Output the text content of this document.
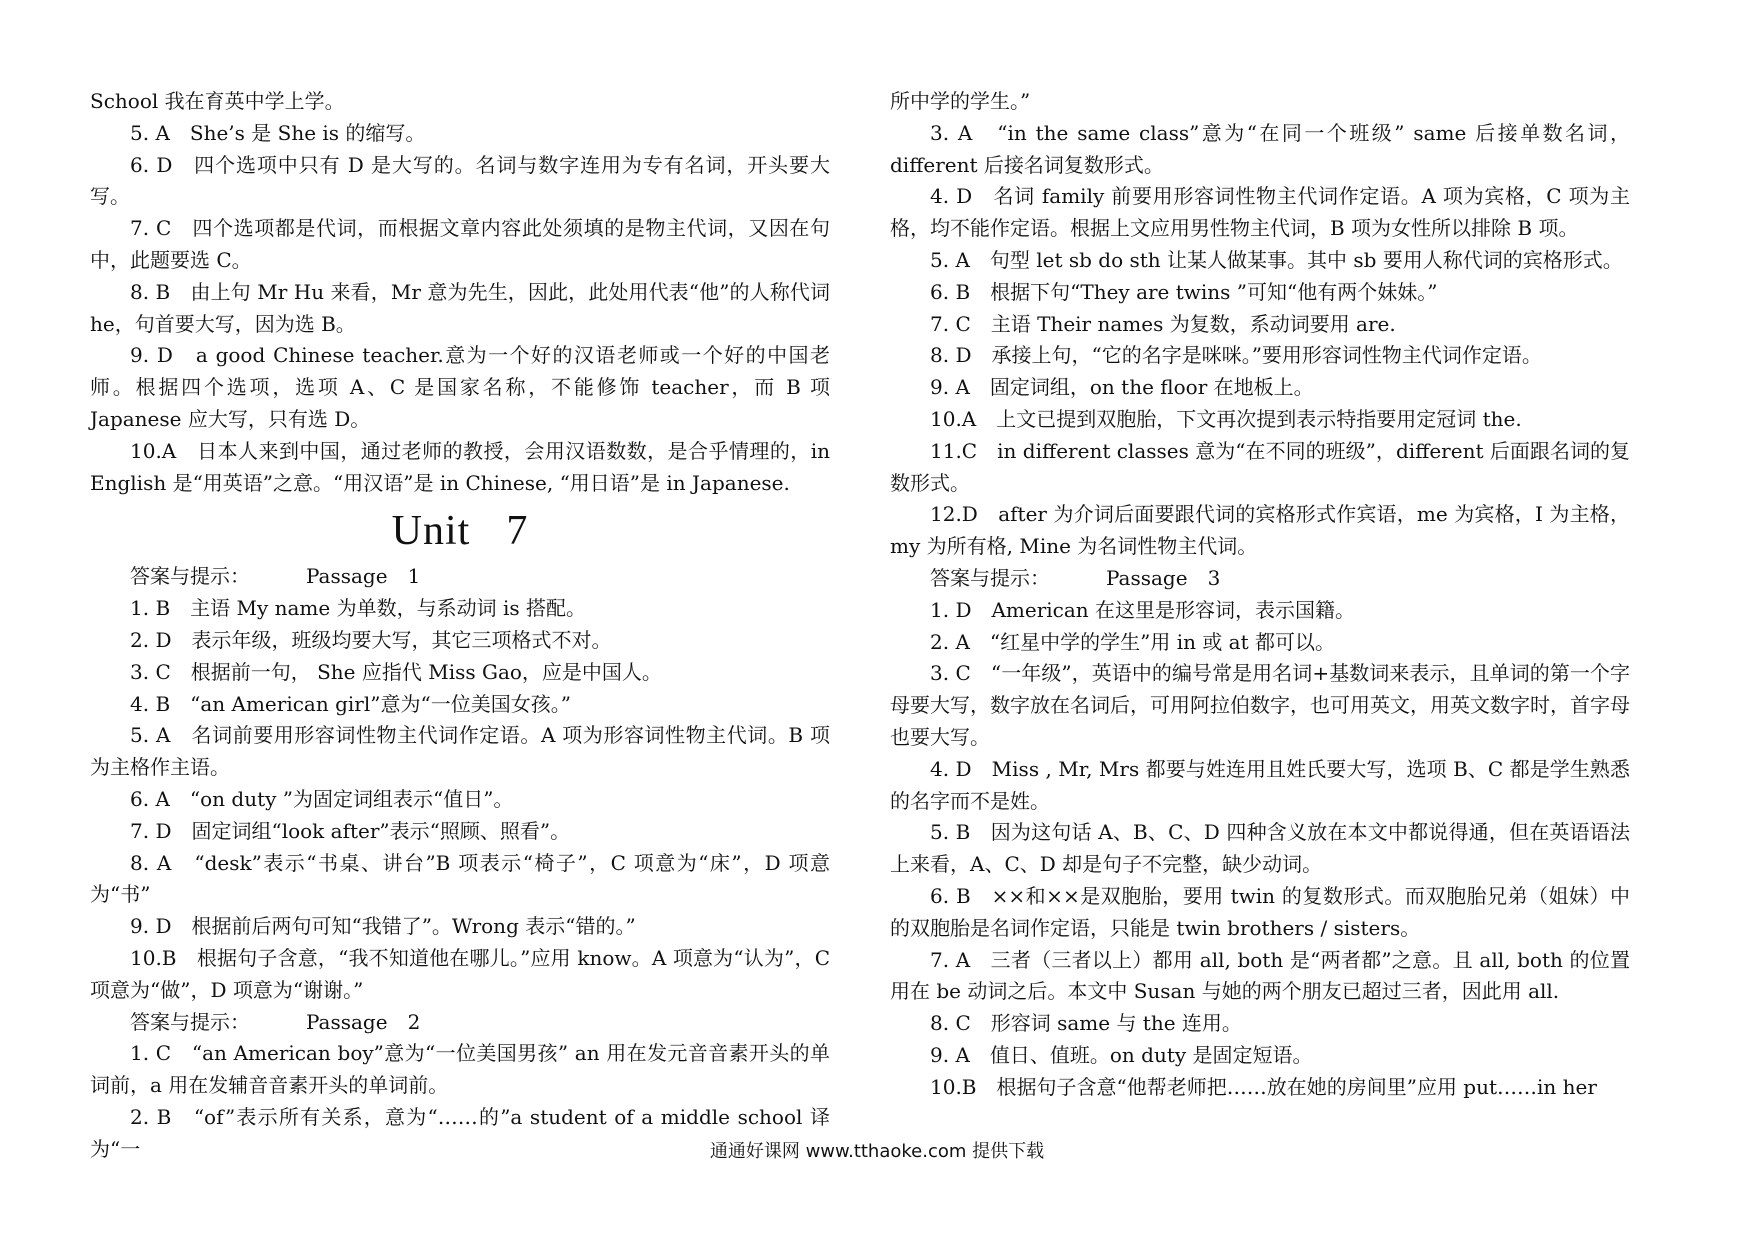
School 我在育英中学上学。

5. A　She’s 是 She is 的缩写。

6. D　四个选项中只有 D 是大写的。名词与数字连用为专有名词，开头要大写。

7. C　四个选项都是代词，而根据文章内容此处须填的是物主代词，又因在句中，此题要选 C。

8. B　由上句 Mr Hu 来看，Mr 意为先生，因此，此处用代表“他”的人称代词 he，句首要大写，因为选 B。

9. D　a good Chinese teacher.意为一个好的汉语老师或一个好的中国老师。根据四个选项，选项 A、C 是国家名称，不能修饰 teacher，而 B 项 Japanese 应大写，只有选 D。

10.A　日本人来到中国，通过老师的教授，会用汉语数数，是合乎情理的，in English 是“用英语”之意。“用汉语”是 in Chinese, “用日语”是 in Japanese.

Unit 7

答案与提示：	Passage　1

1. B　主语 My name 为单数，与系动词 is 搭配。

2. D　表示年级，班级均要大写，其它三项格式不对。

3. C　根据前一句， She 应指代 Miss Gao，应是中国人。

4. B　“an American girl”意为“一位美国女孩。”

5. A　名词前要用形容词性物主代词作定语。A 项为形容词性物主代词。B 项为主格作主语。

6. A　“on duty ”为固定词组表示“值日”。

7. D　固定词组“look after”表示“照顾、照看”。

8. A　“desk”表示“书桌、讲台”B 项表示“椅子”，C 项意为“床”，D 项意为“书”

9. D　根据前后两句可知“我错了”。Wrong 表示“错的。”

10.B　根据句子含意，“我不知道他在哪儿。”应用 know。A 项意为“认为”，C 项意为“做”，D 项意为“谢谢。”

答案与提示：	Passage　2

1. C　“an American boy”意为“一位美国男孩” an 用在发元音音素开头的单词前，a 用在发辅音音素开头的单词前。

2. B　“of”表示所有关系，意为“……的”a student of a middle school 译为“一

所中学的学生。”

3. A　“in the same class”意为“在同一个班级” same 后接单数名词，different 后接名词复数形式。

4. D　名词 family 前要用形容词性物主代词作定语。A 项为宾格，C 项为主格，均不能作定语。根据上文应用男性物主代词，B 项为女性所以排除 B 项。

5. A　句型 let sb do sth 让某人做某事。其中 sb 要用人称代词的宾格形式。

6. B　根据下句“They are twins ”可知“他有两个妹妹。”

7. C　主语 Their names 为复数，系动词要用 are.

8. D　承接上句，“它的名字是咪咪。”要用形容词性物主代词作定语。

9. A　固定词组，on the floor 在地板上。

10.A　上文已提到双胞胎，下文再次提到表示特指要用定冠词 the.

11.C　in different classes 意为“在不同的班级”，different 后面跟名词的复数形式。

12.D　after 为介词后面要跟代词的宾格形式作宾语，me 为宾格，I 为主格，my 为所有格, Mine 为名词性物主代词。

答案与提示：	Passage　3

1. D　American 在这里是形容词，表示国籍。

2. A　“红星中学的学生”用 in 或 at 都可以。

3. C　“一年级”，英语中的编号常是用名词+基数词来表示，且单词的第一个字母要大写，数字放在名词后，可用阿拉伯数字，也可用英文，用英文数字时，首字母也要大写。

4. D　Miss , Mr, Mrs 都要与姓连用且姓氏要大写，选项 B、C 都是学生熟悉的名字而不是姓。

5. B　因为这句话 A、B、C、D 四种含义放在本文中都说得通，但在英语语法上来看，A、C、D 却是句子不完整，缺少动词。

6. B　××和××是双胞胎，要用 twin 的复数形式。而双胞胎兄弟（姐妹）中的双胞胎是名词作定语，只能是 twin brothers / sisters。

7. A　三者（三者以上）都用 all, both 是“两者都”之意。且 all, both 的位置用在 be 动词之后。本文中 Susan 与她的两个朋友已超过三者，因此用 all.

8. C　形容词 same 与 the 连用。

9. A　值日、值班。on duty 是固定短语。

10.B　根据句子含意“他帮老师把……放在她的房间里”应用 put……in her

通通好课网 www.tthaoke.com 提供下载
